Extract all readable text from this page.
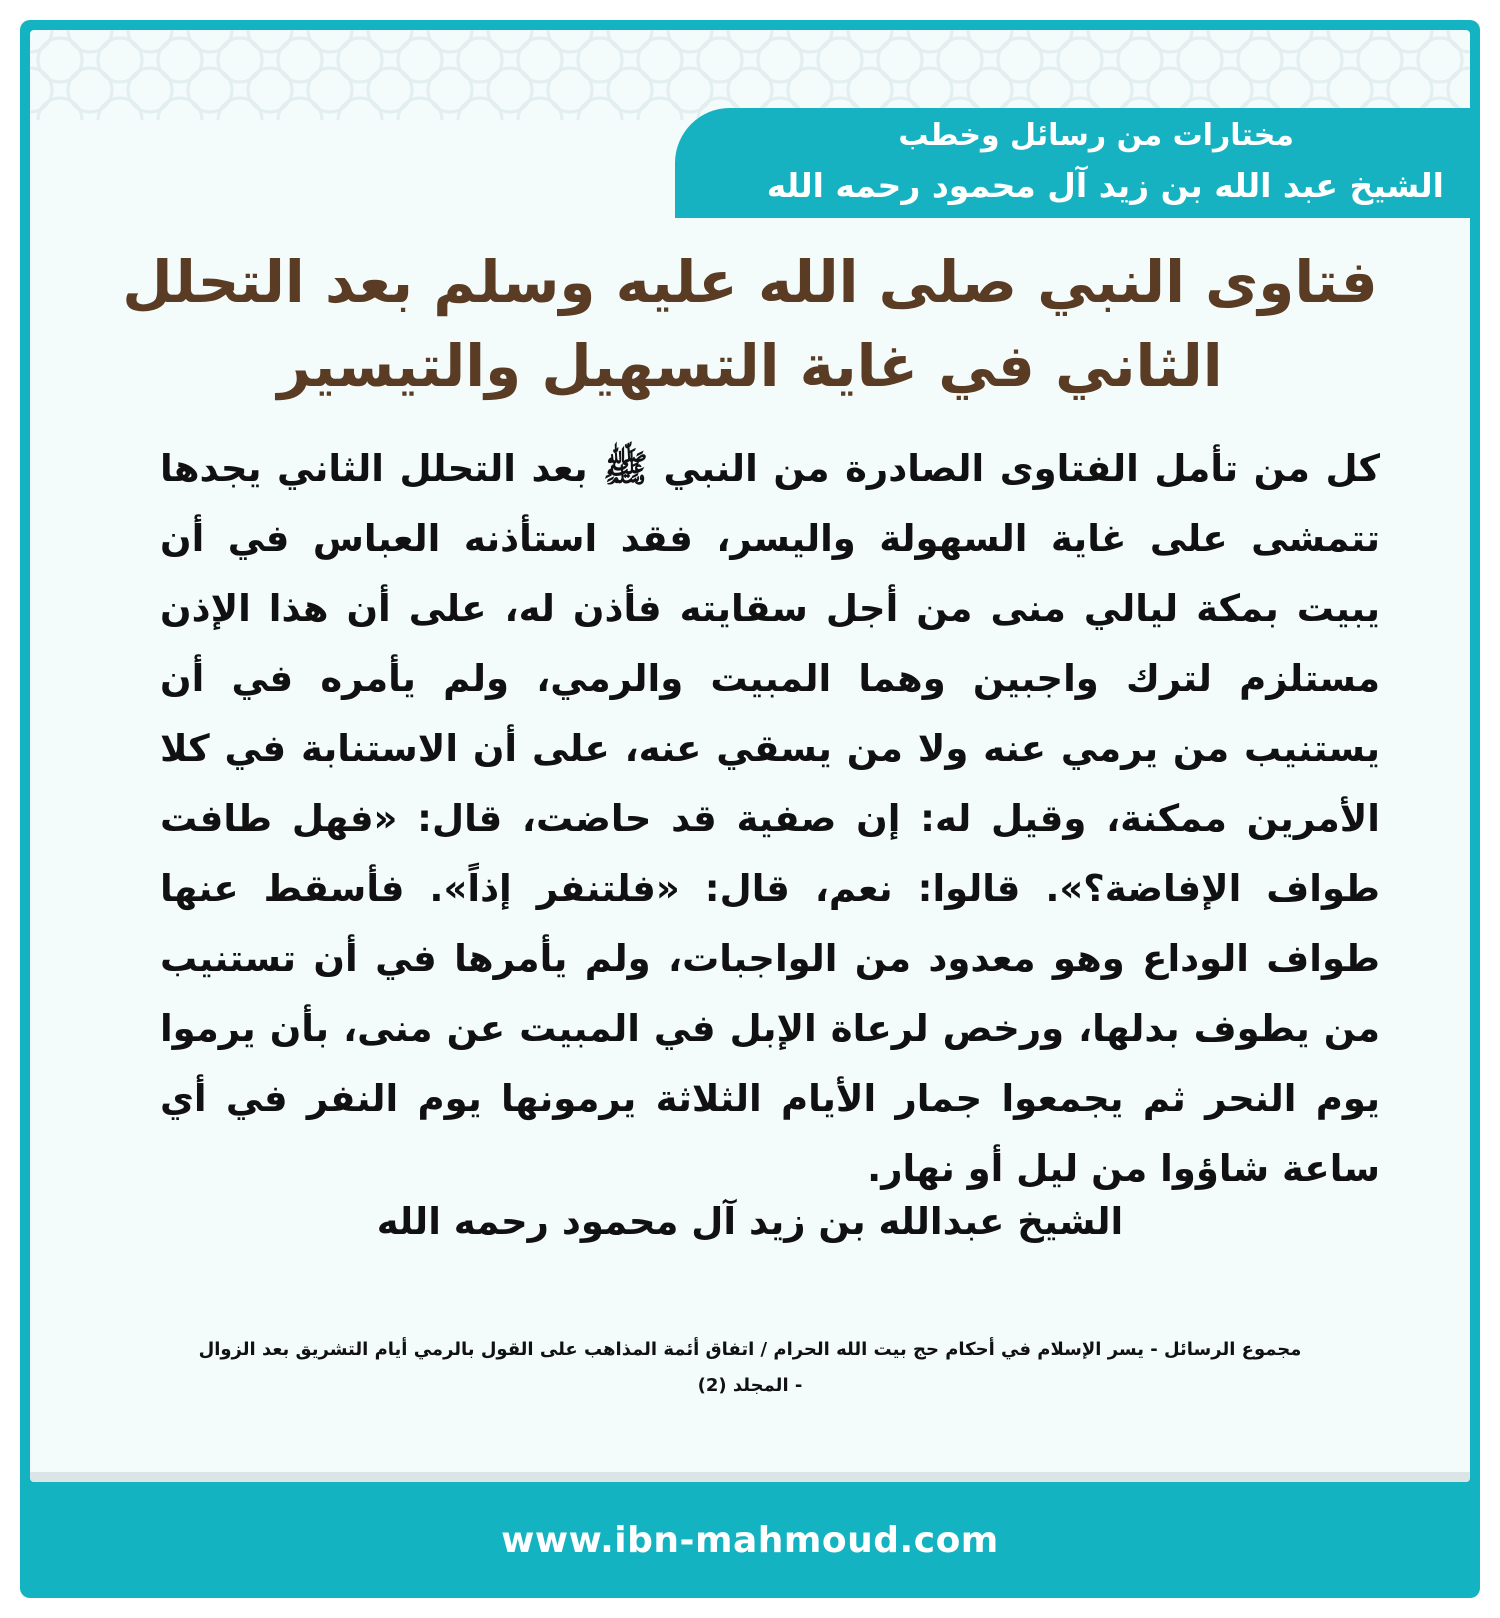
مختارات من رسائل وخطب
الشيخ عبد الله بن زيد آل محمود رحمه الله
فتاوى النبي صلى الله عليه وسلم بعد التحلل الثاني في غاية التسهيل والتيسير
كل من تأمل الفتاوى الصادرة من النبي ﷺ بعد التحلل الثاني يجدها تتمشى على غاية السهولة واليسر، فقد استأذنه العباس في أن يبيت بمكة ليالي منى من أجل سقايته فأذن له، على أن هذا الإذن مستلزم لترك واجبين وهما المبيت والرمي، ولم يأمره في أن يستنيب من يرمي عنه ولا من يسقي عنه، على أن الاستنابة في كلا الأمرين ممكنة، وقيل له: إن صفية قد حاضت، قال: «فهل طافت طواف الإفاضة؟». قالوا: نعم، قال: «فلتنفر إذاً». فأسقط عنها طواف الوداع وهو معدود من الواجبات، ولم يأمرها في أن تستنيب من يطوف بدلها، ورخص لرعاة الإبل في المبيت عن منى، بأن يرموا يوم النحر ثم يجمعوا جمار الأيام الثلاثة يرمونها يوم النفر في أي ساعة شاؤوا من ليل أو نهار.
الشيخ عبدالله بن زيد آل محمود رحمه الله
مجموع الرسائل - يسر الإسلام في أحكام حج بيت الله الحرام / اتفاق أئمة المذاهب على القول بالرمي أيام التشريق بعد الزوال
- المجلد (2)
www.ibn-mahmoud.com
